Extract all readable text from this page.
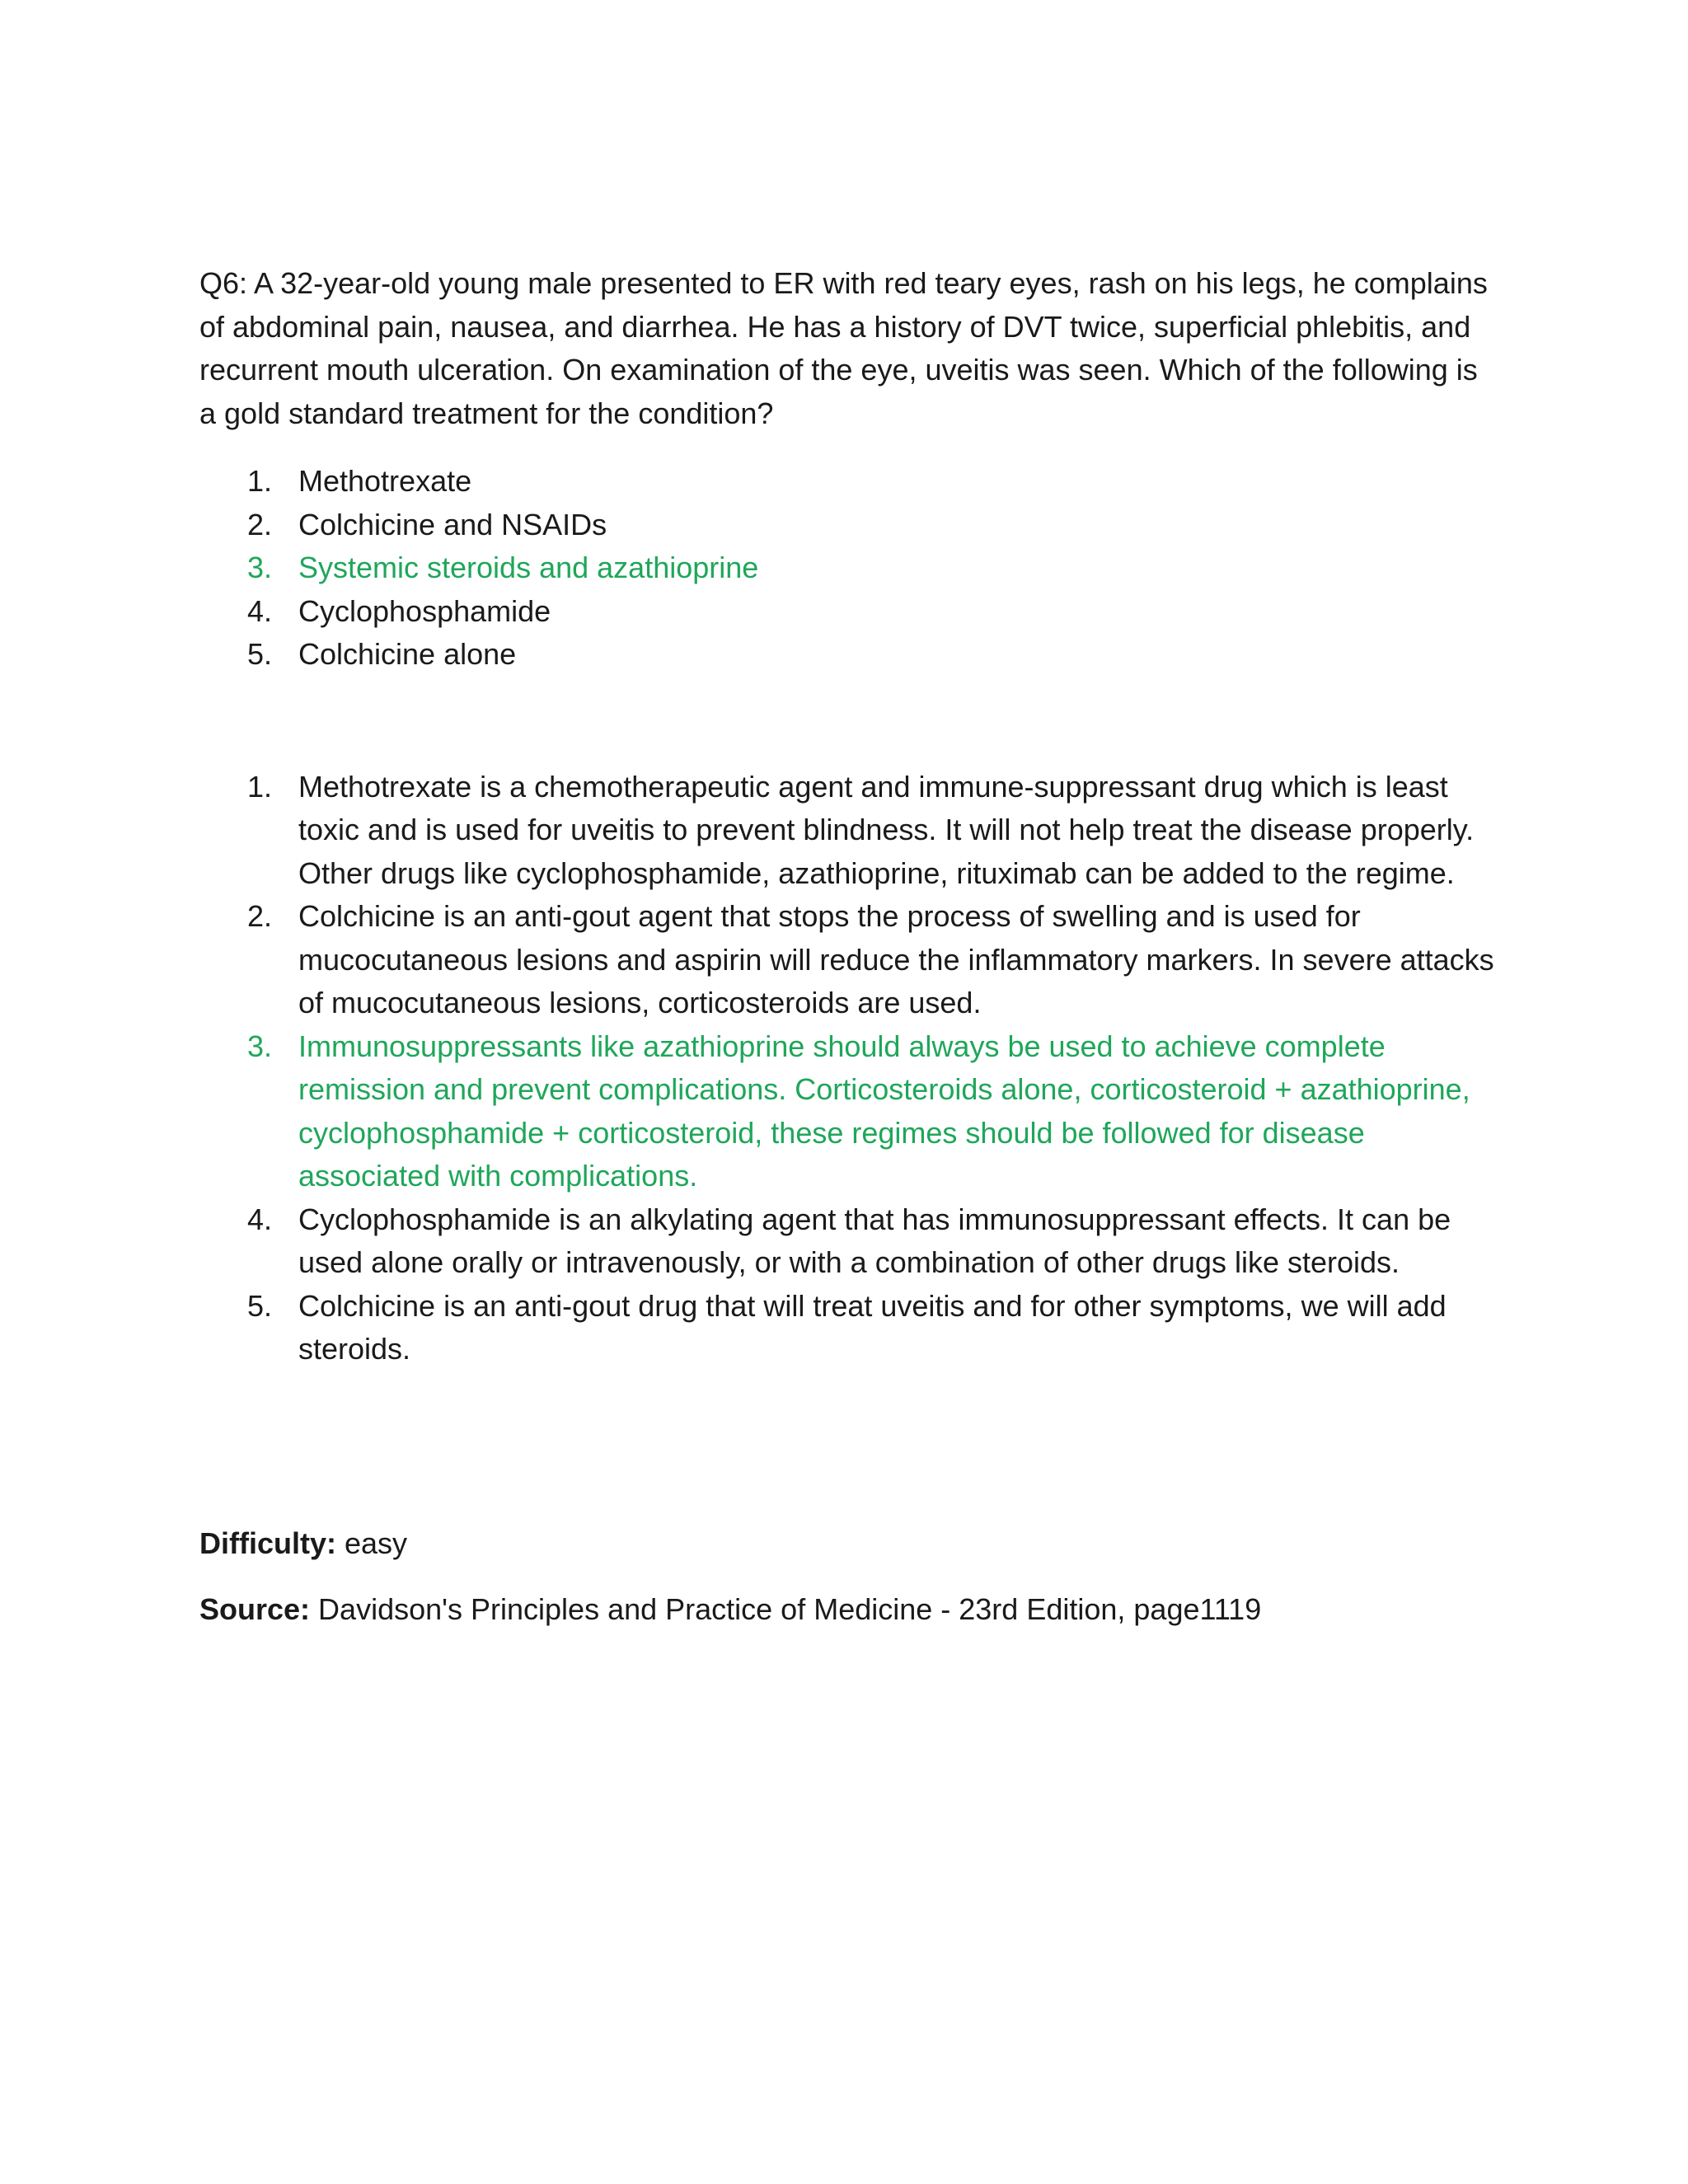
Q6: A 32-year-old young male presented to ER with red teary eyes, rash on his legs, he complains of abdominal pain, nausea, and diarrhea. He has a history of DVT twice, superficial phlebitis, and recurrent mouth ulceration. On examination of the eye, uveitis was seen. Which of the following is a gold standard treatment for the condition?

1. Methotrexate
2. Colchicine and NSAIDs
3. Systemic steroids and azathioprine
4. Cyclophosphamide
5. Colchicine alone
1. Methotrexate is a chemotherapeutic agent and immune-suppressant drug which is least toxic and is used for uveitis to prevent blindness. It will not help treat the disease properly. Other drugs like cyclophosphamide, azathioprine, rituximab can be added to the regime.
2. Colchicine is an anti-gout agent that stops the process of swelling and is used for mucocutaneous lesions and aspirin will reduce the inflammatory markers. In severe attacks of mucocutaneous lesions, corticosteroids are used.
3. Immunosuppressants like azathioprine should always be used to achieve complete remission and prevent complications. Corticosteroids alone, corticosteroid + azathioprine, cyclophosphamide + corticosteroid, these regimes should be followed for disease associated with complications.
4. Cyclophosphamide is an alkylating agent that has immunosuppressant effects. It can be used alone orally or intravenously, or with a combination of other drugs like steroids.
5. Colchicine is an anti-gout drug that will treat uveitis and for other symptoms, we will add steroids.

Difficulty: easy

Source: Davidson's Principles and Practice of Medicine - 23rd Edition, page1119
